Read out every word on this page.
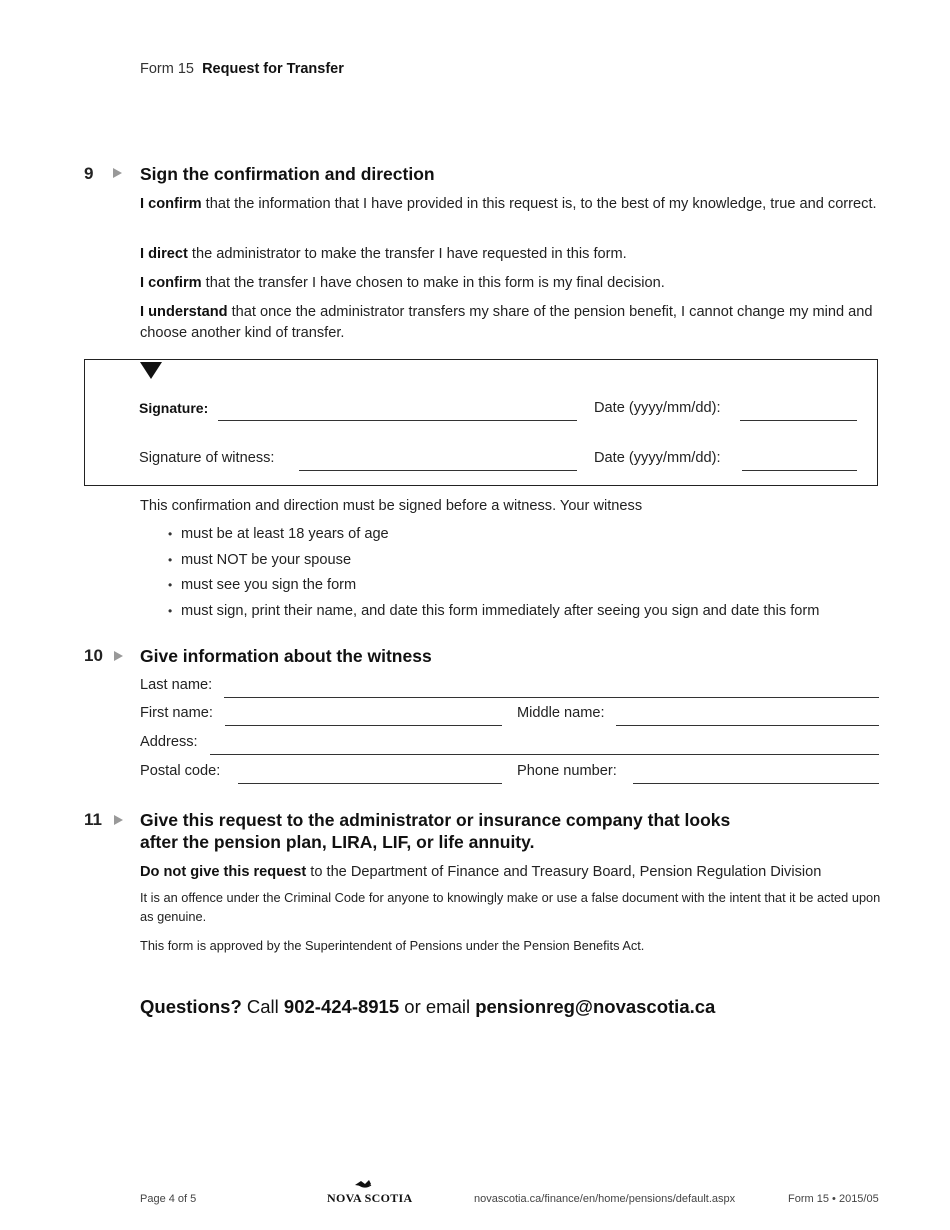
Form 15 Request for Transfer
9	Sign the confirmation and direction
I confirm that the information that I have provided in this request is, to the best of my knowledge, true and correct.
I direct the administrator to make the transfer I have requested in this form.
I confirm that the transfer I have chosen to make in this form is my final decision.
I understand that once the administrator transfers my share of the pension benefit, I cannot change my mind and choose another kind of transfer.
Signature:	Date (yyyy/mm/dd):
Signature of witness:	Date (yyyy/mm/dd):
This confirmation and direction must be signed before a witness. Your witness
• must be at least 18 years of age
• must NOT be your spouse
• must see you sign the form
• must sign, print their name, and date this form immediately after seeing you sign and date this form
10 Give information about the witness
Last name:
First name:	Middle name:
Address:
Postal code:	Phone number:
11 Give this request to the administrator or insurance company that looks
after the pension plan, LIRA, LIF, or life annuity.
Do not give this request to the Department of Finance and Treasury Board, Pension Regulation Division
It is an offence under the Criminal Code for anyone to knowingly make or use a false document with the intent that it be acted upon as genuine.
This form is approved by the Superintendent of Pensions under the Pension Benefits Act.
Questions? Call 902-424-8915 or email pensionreg@novascotia.ca
Page 4 of 5	NOVA SCOTIA	novascotia.ca/finance/en/home/pensions/default.aspx	Form 15 • 2015/05
